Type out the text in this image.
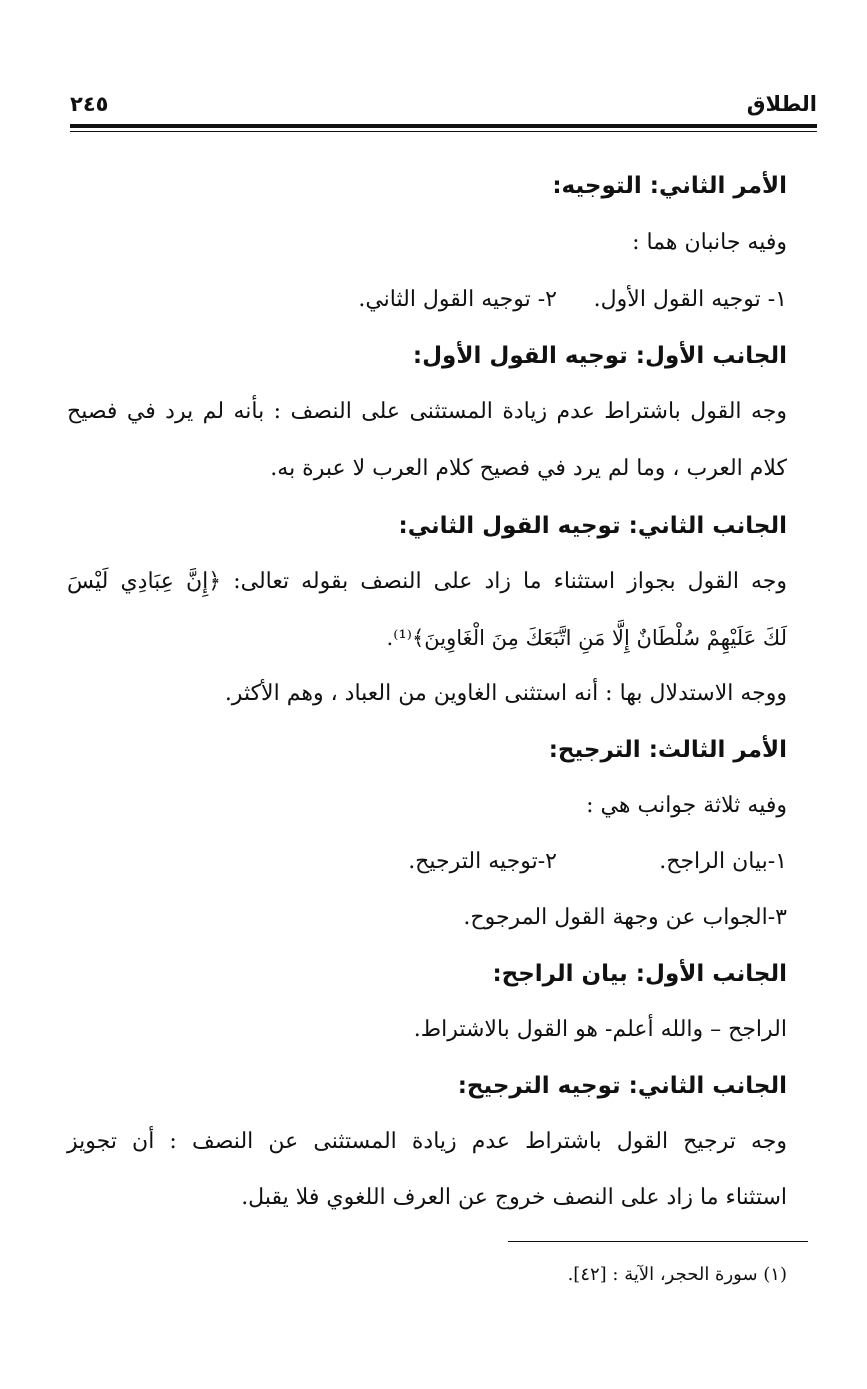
الطلاق
٢٤٥
الأمر الثاني: التوجيه:
وفيه جانبان هما :
١- توجيه القول الأول.
٢- توجيه القول الثاني.
الجانب الأول: توجيه القول الأول:
وجه القول باشتراط عدم زيادة المستثنى على النصف : بأنه لم يرد في فصيح
كلام العرب ، وما لم يرد في فصيح كلام العرب لا عبرة به.
الجانب الثاني: توجيه القول الثاني:
وجه القول بجواز استثناء ما زاد على النصف بقوله تعالى: ﴿إِنَّ عِبَادِي لَيْسَ
لَكَ عَلَيْهِمْ سُلْطَانٌ إِلَّا مَنِ اتَّبَعَكَ مِنَ الْغَاوِينَ﴾⁽¹⁾.
ووجه الاستدلال بها : أنه استثنى الغاوين من العباد ، وهم الأكثر.
الأمر الثالث: الترجيح:
وفيه ثلاثة جوانب هي :
١-بيان الراجح.
٢-توجيه الترجيح.
٣-الجواب عن وجهة القول المرجوح.
الجانب الأول: بيان الراجح:
الراجح – والله أعلم- هو القول بالاشتراط.
الجانب الثاني: توجيه الترجيح:
وجه ترجيح القول باشتراط عدم زيادة المستثنى عن النصف : أن تجويز
استثناء ما زاد على النصف خروج عن العرف اللغوي فلا يقبل.
(١) سورة الحجر، الآية : [٤٢].
